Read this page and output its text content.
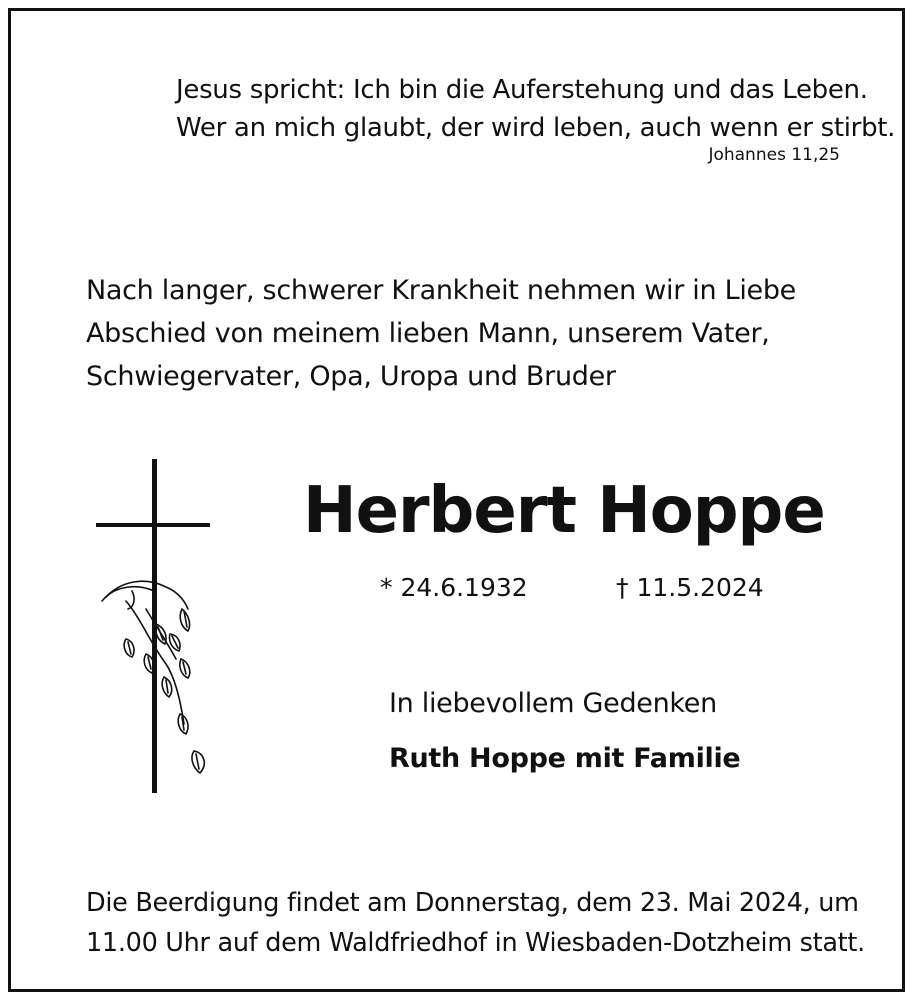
Jesus spricht: Ich bin die Auferstehung und das Leben.
Wer an mich glaubt, der wird leben, auch wenn er stirbt.
Johannes 11,25
Nach langer, schwerer Krankheit nehmen wir in Liebe
Abschied von meinem lieben Mann, unserem Vater,
Schwiegervater, Opa, Uropa und Bruder
Herbert Hoppe
* 24.6.1932	† 11.5.2024
In liebevollem Gedenken
Ruth Hoppe mit Familie
Die Beerdigung findet am Donnerstag, dem 23. Mai 2024, um
11.00 Uhr auf dem Waldfriedhof in Wiesbaden-Dotzheim statt.
